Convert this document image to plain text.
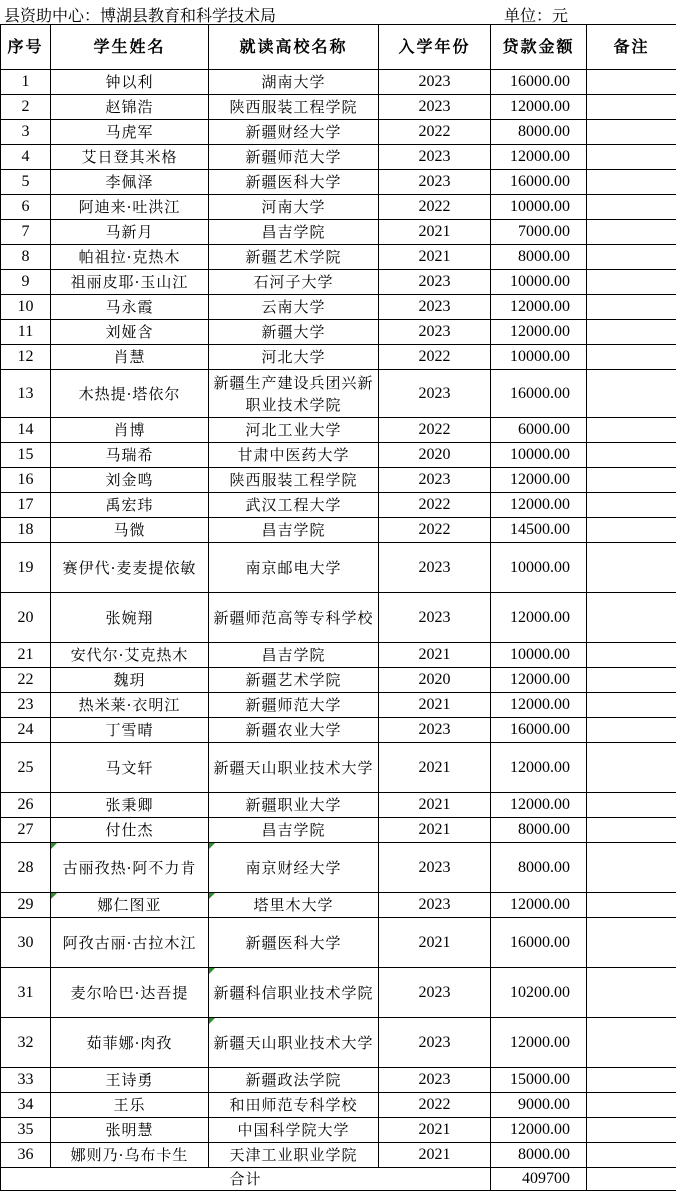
县资助中心：博湖县教育和科学技术局	单位：元
序号	学生姓名	就读高校名称	入学年份	贷款金额	备注
1	钟以利	湖南大学	2023	16000.00	
2	赵锦浩	陕西服装工程学院	2023	12000.00	
3	马虎军	新疆财经大学	2022	8000.00	
4	艾日登其米格	新疆师范大学	2023	12000.00	
5	李佩泽	新疆医科大学	2023	16000.00	
6	阿迪来·吐洪江	河南大学	2022	10000.00	
7	马新月	昌吉学院	2021	7000.00	
8	帕祖拉·克热木	新疆艺术学院	2021	8000.00	
9	祖丽皮耶·玉山江	石河子大学	2023	10000.00	
10	马永霞	云南大学	2023	12000.00	
11	刘娅含	新疆大学	2023	12000.00	
12	肖慧	河北大学	2022	10000.00	
13	木热提·塔依尔	新疆生产建设兵团兴新职业技术学院	2023	16000.00	
14	肖博	河北工业大学	2022	6000.00	
15	马瑞希	甘肃中医药大学	2020	10000.00	
16	刘金鸣	陕西服装工程学院	2023	12000.00	
17	禹宏玮	武汉工程大学	2022	12000.00	
18	马微	昌吉学院	2022	14500.00	
19	赛伊代·麦麦提依敏	南京邮电大学	2023	10000.00	
20	张婉翔	新疆师范高等专科学校	2023	12000.00	
21	安代尔·艾克热木	昌吉学院	2021	10000.00	
22	魏玥	新疆艺术学院	2020	12000.00	
23	热米莱·衣明江	新疆师范大学	2021	12000.00	
24	丁雪晴	新疆农业大学	2023	16000.00	
25	马文轩	新疆天山职业技术大学	2021	12000.00	
26	张秉卿	新疆职业大学	2021	12000.00	
27	付仕杰	昌吉学院	2021	8000.00	
28	古丽孜热·阿不力肯	南京财经大学	2023	8000.00	
29	娜仁图亚	塔里木大学	2023	12000.00	
30	阿孜古丽·古拉木江	新疆医科大学	2021	16000.00	
31	麦尔哈巴·达吾提	新疆科信职业技术学院	2023	10200.00	
32	茹菲娜·肉孜	新疆天山职业技术大学	2023	12000.00	
33	王诗勇	新疆政法学院	2023	15000.00	
34	王乐	和田师范专科学校	2022	9000.00	
35	张明慧	中国科学院大学	2021	12000.00	
36	娜则乃·乌布卡生	天津工业职业学院	2021	8000.00	
合计				409700	
